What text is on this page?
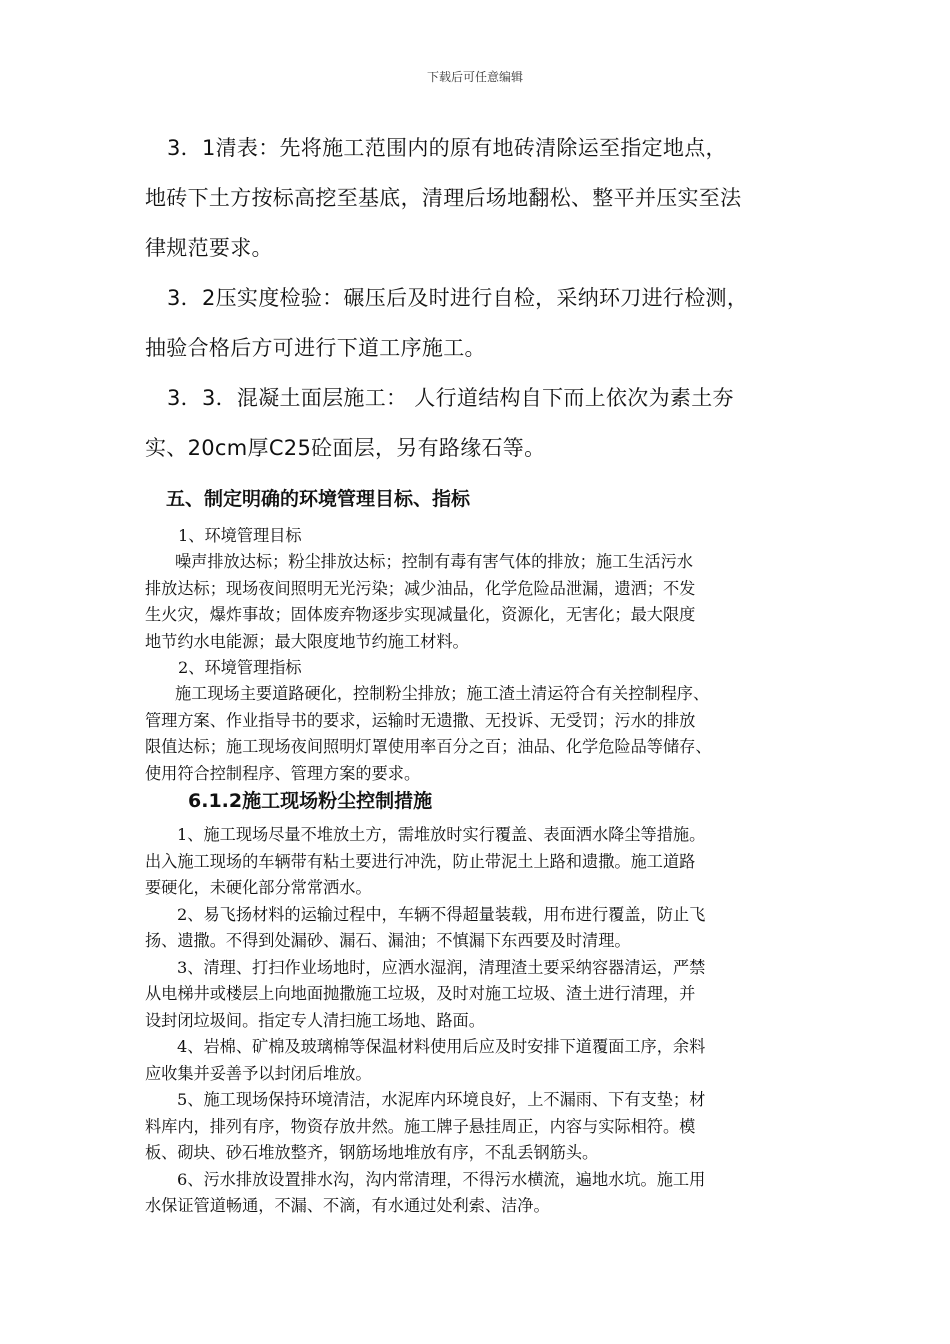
下载后可任意编辑
3．1清表：先将施工范围内的原有地砖清除运至指定地点，
地砖下土方按标高挖至基底，清理后场地翻松、整平并压实至法
律规范要求。
3．2压实度检验：碾压后及时进行自检，采纳环刀进行检测，
抽验合格后方可进行下道工序施工。
3．3．混凝土面层施工： 人行道结构自下而上依次为素土夯
实、20cm厚C25砼面层，另有路缘石等。
五、制定明确的环境管理目标、指标
1、环境管理目标
噪声排放达标；粉尘排放达标；控制有毒有害气体的排放；施工生活污水
排放达标；现场夜间照明无光污染；减少油品，化学危险品泄漏，遗洒；不发
生火灾，爆炸事故；固体废弃物逐步实现减量化，资源化，无害化；最大限度
地节约水电能源；最大限度地节约施工材料。
2、环境管理指标
施工现场主要道路硬化，控制粉尘排放；施工渣土清运符合有关控制程序、
管理方案、作业指导书的要求，运输时无遗撒、无投诉、无受罚；污水的排放
限值达标；施工现场夜间照明灯罩使用率百分之百；油品、化学危险品等储存、
使用符合控制程序、管理方案的要求。
6.1.2施工现场粉尘控制措施
1、施工现场尽量不堆放土方，需堆放时实行覆盖、表面洒水降尘等措施。
出入施工现场的车辆带有粘土要进行冲洗，防止带泥土上路和遗撒。施工道路
要硬化，未硬化部分常常洒水。
2、易飞扬材料的运输过程中，车辆不得超量装载，用布进行覆盖，防止飞
扬、遗撒。不得到处漏砂、漏石、漏油；不慎漏下东西要及时清理。
3、清理、打扫作业场地时，应洒水湿润，清理渣土要采纳容器清运，严禁
从电梯井或楼层上向地面抛撒施工垃圾，及时对施工垃圾、渣土进行清理，并
设封闭垃圾间。指定专人清扫施工场地、路面。
4、岩棉、矿棉及玻璃棉等保温材料使用后应及时安排下道覆面工序，余料
应收集并妥善予以封闭后堆放。
5、施工现场保持环境清洁，水泥库内环境良好，上不漏雨、下有支垫；材
料库内，排列有序，物资存放井然。施工牌子悬挂周正，内容与实际相符。模
板、砌块、砂石堆放整齐，钢筋场地堆放有序，不乱丢钢筋头。
6、污水排放设置排水沟，沟内常清理，不得污水横流，遍地水坑。施工用
水保证管道畅通，不漏、不滴，有水通过处利索、洁净。
